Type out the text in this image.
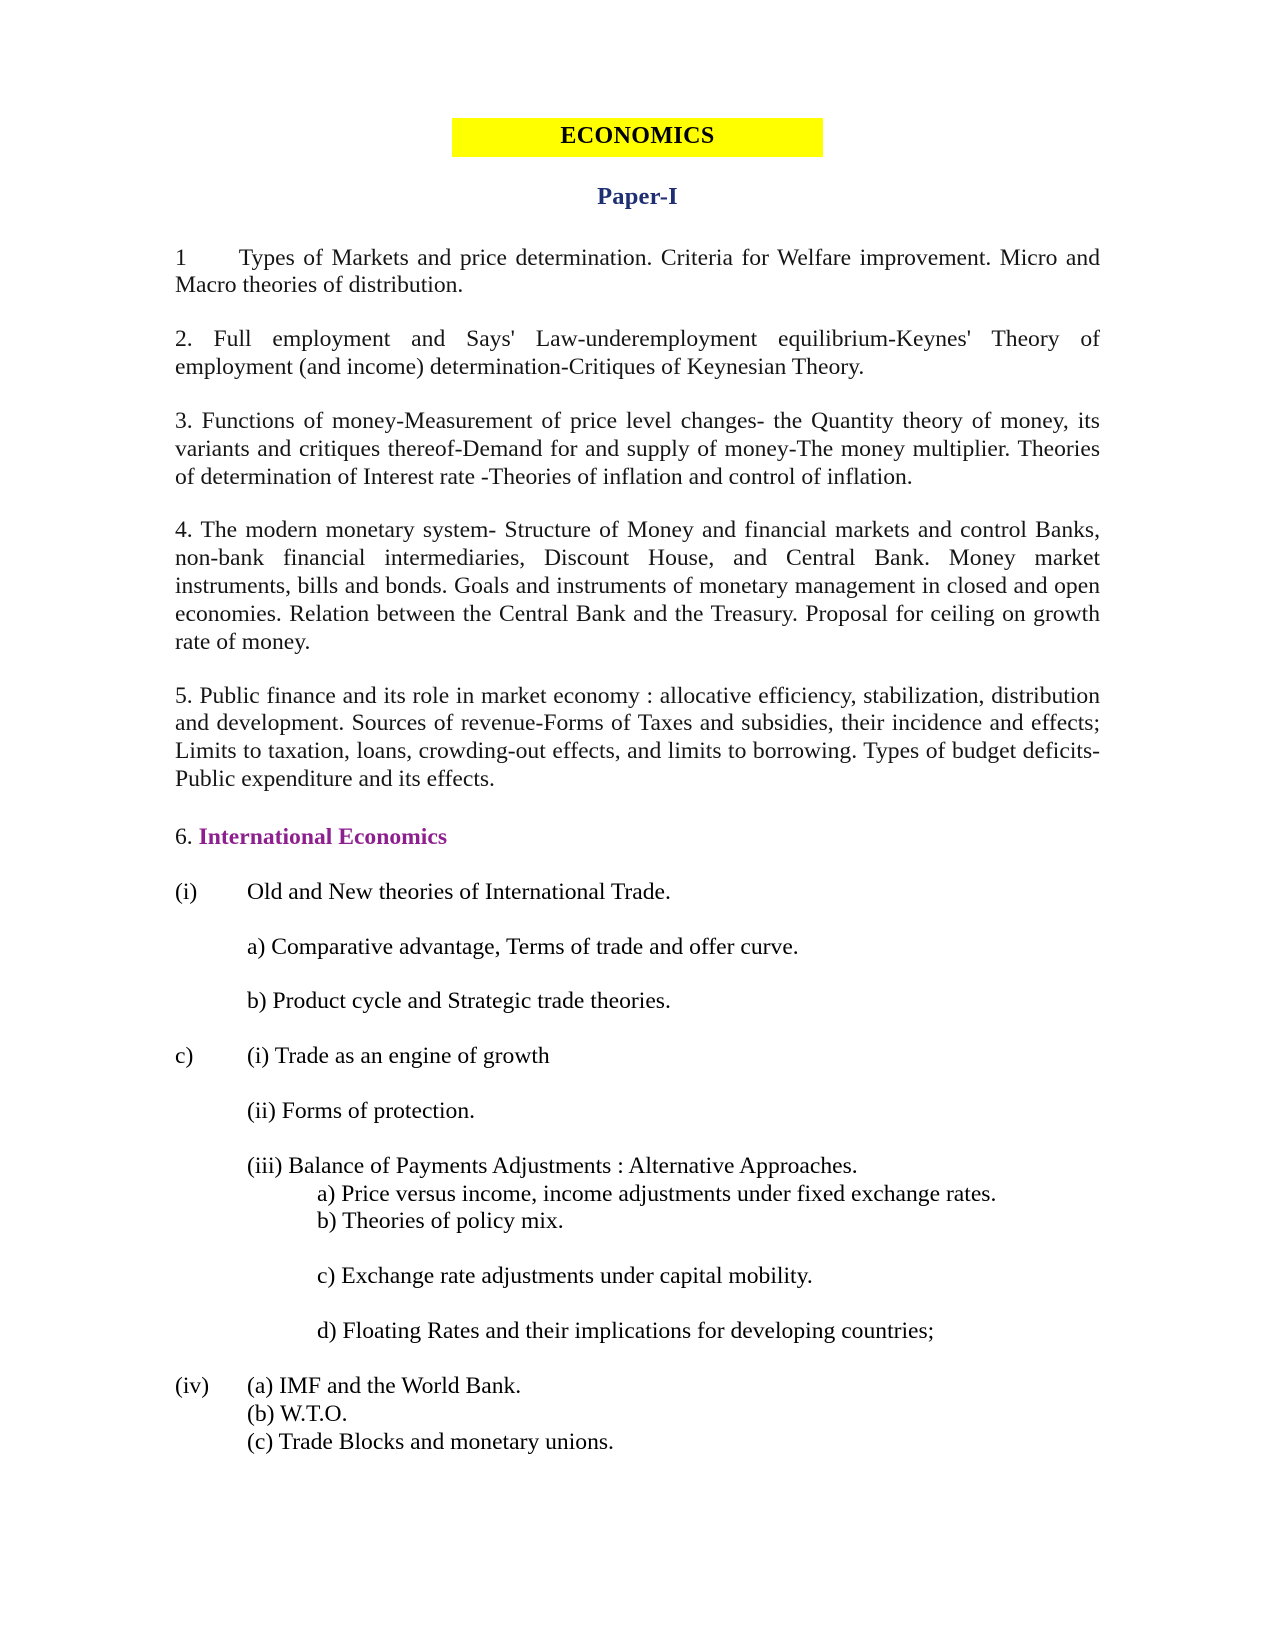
ECONOMICS
Paper-I

1 Types of Markets and price determination. Criteria for Welfare improvement. Micro and Macro theories of distribution.

2. Full employment and Says' Law-underemployment equilibrium-Keynes' Theory of employment (and income) determination-Critiques of Keynesian Theory.

3. Functions of money-Measurement of price level changes- the Quantity theory of money, its variants and critiques thereof-Demand for and supply of money-The money multiplier. Theories of determination of Interest rate -Theories of inflation and control of inflation.

4. The modern monetary system- Structure of Money and financial markets and control Banks, non-bank financial intermediaries, Discount House, and Central Bank. Money market instruments, bills and bonds. Goals and instruments of monetary management in closed and open economies. Relation between the Central Bank and the Treasury. Proposal for ceiling on growth rate of money.

5. Public finance and its role in market economy : allocative efficiency, stabilization, distribution and development. Sources of revenue-Forms of Taxes and subsidies, their incidence and effects; Limits to taxation, loans, crowding-out effects, and limits to borrowing. Types of budget deficits-Public expenditure and its effects.

6. International Economics
(i)	Old and New theories of International Trade.
a) Comparative advantage, Terms of trade and offer curve.
b) Product cycle and Strategic trade theories.
c)	(i) Trade as an engine of growth
(ii) Forms of protection.
(iii) Balance of Payments Adjustments : Alternative Approaches.
a) Price versus income, income adjustments under fixed exchange rates.
b) Theories of policy mix.
c) Exchange rate adjustments under capital mobility.
d) Floating Rates and their implications for developing countries;
(iv)	(a) IMF and the World Bank.
(b) W.T.O.
(c) Trade Blocks and monetary unions.
